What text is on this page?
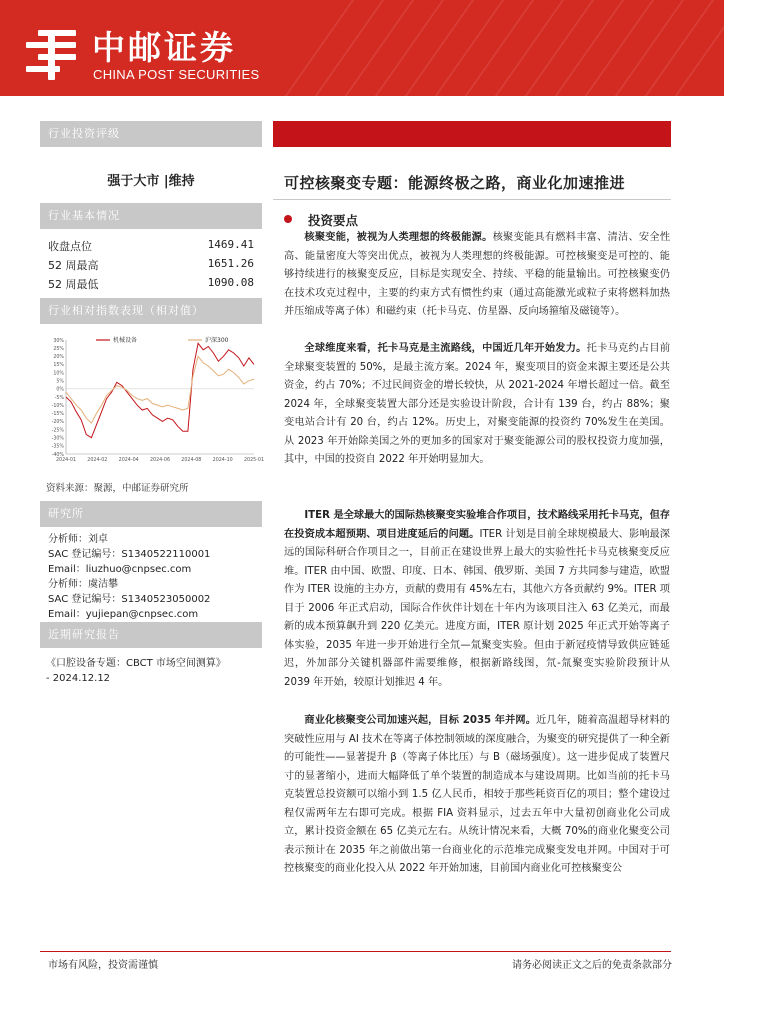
中邮证券
CHINA POST SECURITIES
行业投资评级
强于大市 |维持	可控核聚变专题：能源终极之路，商业化加速推进
行业基本情况
收盘点位	1469.41
52 周最高	1651.26
52 周最低	1090.08
行业相对指数表现（相对值）
30%
25%
20%
15%
10%
5%
0%
-5%
-10%
-15%
-20%
-25%
-30%
-35%
-40%
2024-01 2024-02 2024-04 2024-06 2024-08 2024-10 2025-01
机械设备	沪深300
资料来源：聚源，中邮证券研究所
研究所
分析师：刘卓
SAC 登记编号：S1340522110001
Email：liuzhuo@cnpsec.com
分析师：虞洁攀
SAC 登记编号：S1340523050002
Email：yujiepan@cnpsec.com
近期研究报告
《口腔设备专题：CBCT 市场空间测算》
- 2024.12.12
投资要点

核聚变能，被视为人类理想的终极能源。核聚变能具有燃料丰富、清洁、安全性高、能量密度大等突出优点，被视为人类理想的终极能源。可控核聚变是可控的、能够持续进行的核聚变反应，目标是实现安全、持续、平稳的能量输出。可控核聚变仍在技术攻克过程中，主要的约束方式有惯性约束（通过高能激光或粒子束将燃料加热并压缩成等离子体）和磁约束（托卡马克、仿星器、反向场箍缩及磁镜等）。

全球维度来看，托卡马克是主流路线，中国近几年开始发力。托卡马克约占目前全球聚变装置的 50%，是最主流方案。2024 年，聚变项目的资金来源主要还是公共资金，约占 70%；不过民间资金的增长较快，从 2021-2024 年增长超过一倍。截至 2024 年，全球聚变装置大部分还是实验设计阶段，合计有 139 台，约占 88%；聚变电站合计有 20 台，约占 12%。历史上，对聚变能源的投资约 70%发生在美国。从 2023 年开始除美国之外的更加多的国家对于聚变能源公司的股权投资力度加强，其中，中国的投资自 2022 年开始明显加大。

ITER 是全球最大的国际热核聚变实验堆合作项目，技术路线采用托卡马克，但存在投资成本超预期、项目进度延后的问题。ITER 计划是目前全球规模最大、影响最深远的国际科研合作项目之一，目前正在建设世界上最大的实验性托卡马克核聚变反应堆。ITER 由中国、欧盟、印度、日本、韩国、俄罗斯、美国 7 方共同参与建造，欧盟作为 ITER 设施的主办方，贡献的费用有 45%左右，其他六方各贡献约 9%。ITER 项目于 2006 年正式启动，国际合作伙伴计划在十年内为该项目注入 63 亿美元，而最新的成本预算飙升到 220 亿美元。进度方面，ITER 原计划 2025 年正式开始等离子体实验，2035 年进一步开始进行全氘—氚聚变实验。但由于新冠疫情导致供应链延迟，外加部分关键机器部件需要维修，根据新路线图，氘-氚聚变实验阶段预计从 2039 年开始，较原计划推迟 4 年。

商业化核聚变公司加速兴起，目标 2035 年并网。近几年，随着高温超导材料的突破性应用与 AI 技术在等离子体控制领域的深度融合，为聚变的研究提供了一种全新的可能性——显著提升 β（等离子体比压）与 B（磁场强度）。这一进步促成了装置尺寸的显著缩小，进而大幅降低了单个装置的制造成本与建设周期。比如当前的托卡马克装置总投资额可以缩小到 1.5 亿人民币，相较于那些耗资百亿的项目；整个建设过程仅需两年左右即可完成。根据 FIA 资料显示，过去五年中大量初创商业化公司成立，累计投资金额在 65 亿美元左右。从统计情况来看，大概 70%的商业化聚变公司表示预计在 2035 年之前做出第一台商业化的示范堆完成聚变发电并网。中国对于可控核聚变的商业化投入从 2022 年开始加速，目前国内商业化可控核聚变公

市场有风险，投资需谨慎	请务必阅读正文之后的免责条款部分
